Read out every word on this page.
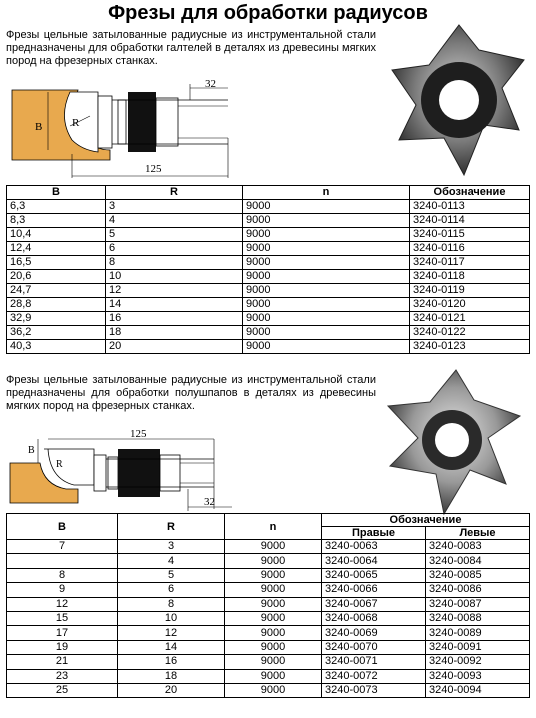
Фрезы для обработки радиусов
Фрезы цельные затылованные радиусные из инструментальной стали предназначены для обработки галтелей в деталях из древесины мягких пород на фрезерных станках.
32
B	R
125
B	R	n	Обозначение
6,3	3	9000	3240-0113
8,3	4	9000	3240-0114
10,4	5	9000	3240-0115
12,4	6	9000	3240-0116
16,5	8	9000	3240-0117
20,6	10	9000	3240-0118
24,7	12	9000	3240-0119
28,8	14	9000	3240-0120
32,9	16	9000	3240-0121
36,2	18	9000	3240-0122
40,3	20	9000	3240-0123
Фрезы цельные затылованные радиусные из инструментальной стали предназначены для обработки полушпапов в деталях из древесины мягких пород на фрезерных станках.
125
B
R
32
B	R	n	Обозначение	
			Правые	Левые
7	3	9000	3240-0063	3240-0083
	4	9000	3240-0064	3240-0084
8	5	9000	3240-0065	3240-0085
9	6	9000	3240-0066	3240-0086
12	8	9000	3240-0067	3240-0087
15	10	9000	3240-0068	3240-0088
17	12	9000	3240-0069	3240-0089
19	14	9000	3240-0070	3240-0091
21	16	9000	3240-0071	3240-0092
23	18	9000	3240-0072	3240-0093
25	20	9000	3240-0073	3240-0094
